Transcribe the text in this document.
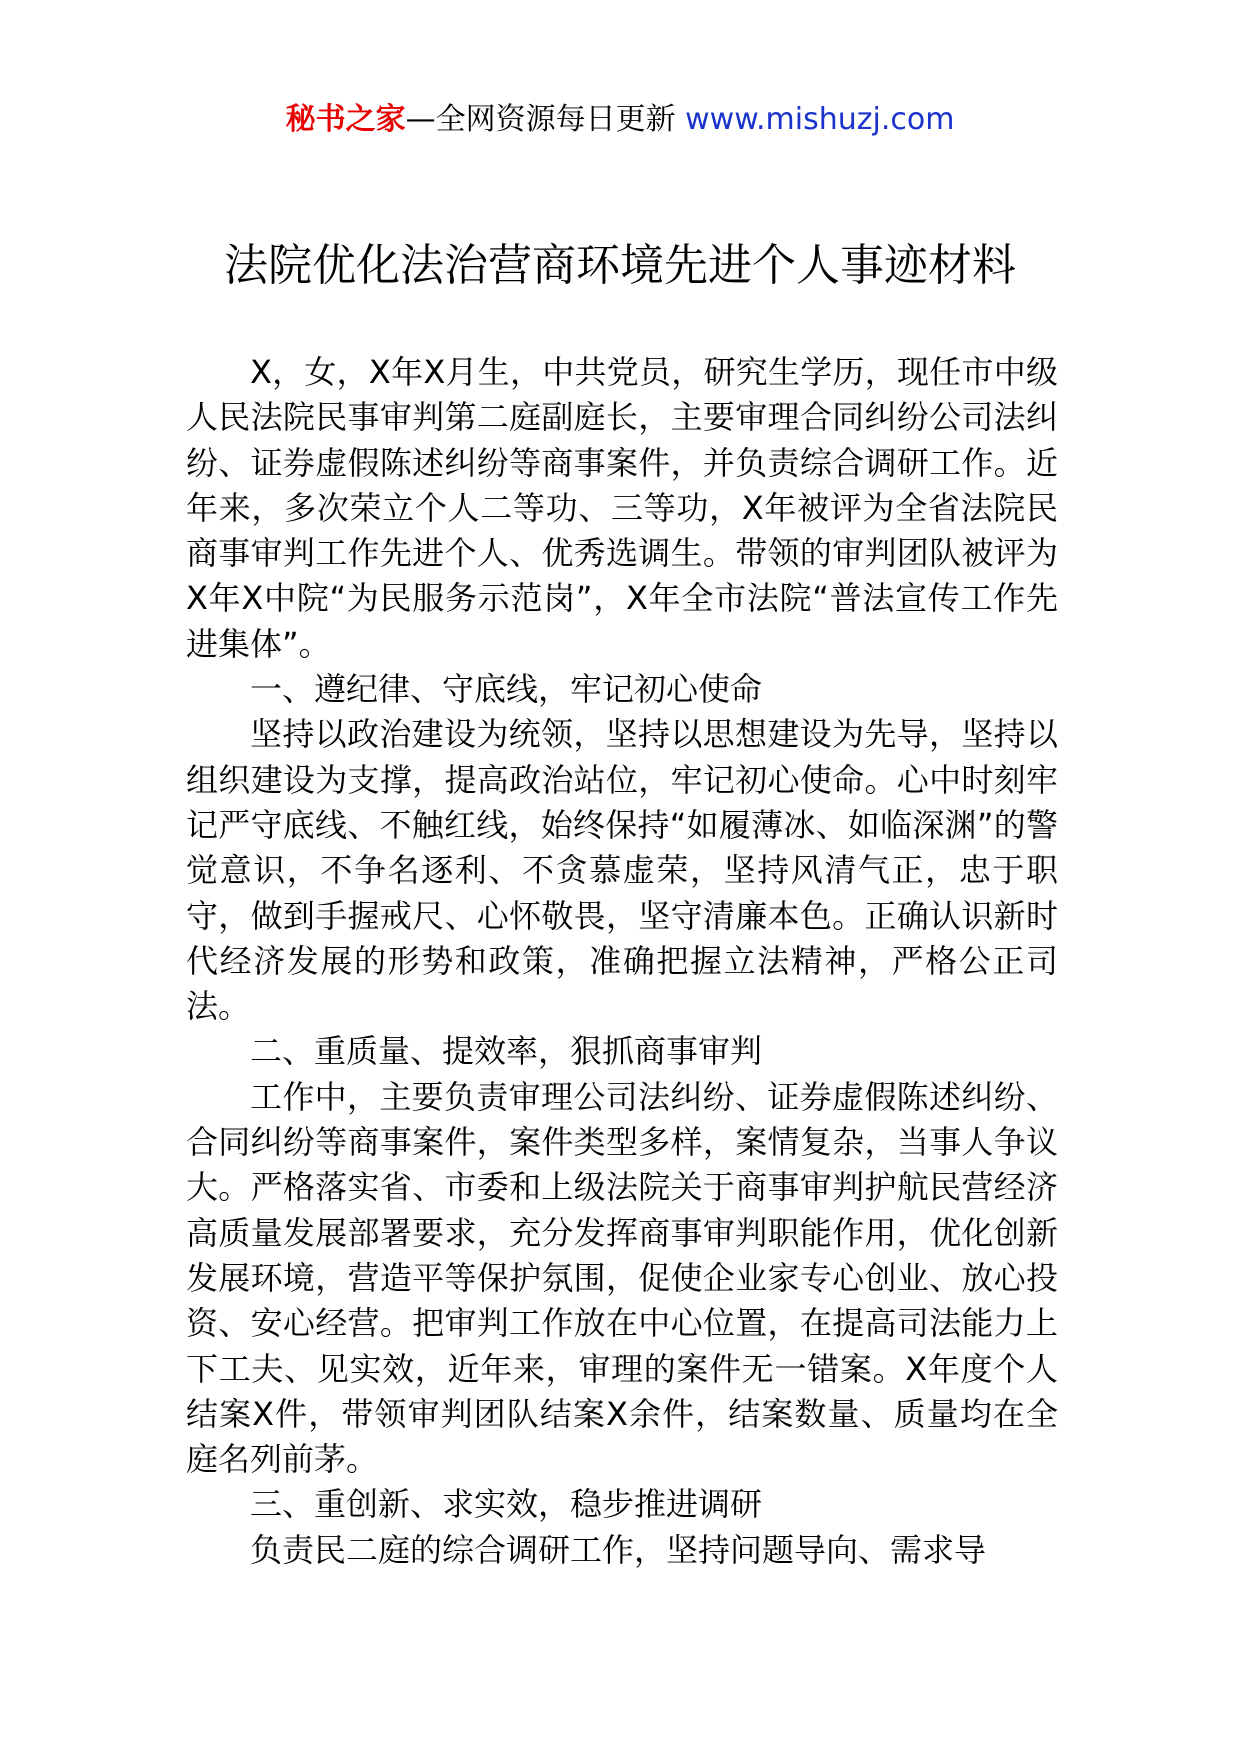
秘书之家—全网资源每日更新 www.mishuzj.com
法院优化法治营商环境先进个人事迹材料

X，女，X年X月生，中共党员，研究生学历，现任市中级人民法院民事审判第二庭副庭长，主要审理合同纠纷公司法纠纷、证券虚假陈述纠纷等商事案件，并负责综合调研工作。近年来，多次荣立个人二等功、三等功，X年被评为全省法院民商事审判工作先进个人、优秀选调生。带领的审判团队被评为X年X中院“为民服务示范岗”，X年全市法院“普法宣传工作先进集体”。

一、遵纪律、守底线，牢记初心使命

坚持以政治建设为统领，坚持以思想建设为先导，坚持以组织建设为支撑，提高政治站位，牢记初心使命。心中时刻牢记严守底线、不触红线，始终保持“如履薄冰、如临深渊”的警觉意识，不争名逐利、不贪慕虚荣，坚持风清气正，忠于职守，做到手握戒尺、心怀敬畏，坚守清廉本色。正确认识新时代经济发展的形势和政策，准确把握立法精神，严格公正司法。

二、重质量、提效率，狠抓商事审判

工作中，主要负责审理公司法纠纷、证券虚假陈述纠纷、合同纠纷等商事案件，案件类型多样，案情复杂，当事人争议大。严格落实省、市委和上级法院关于商事审判护航民营经济高质量发展部署要求，充分发挥商事审判职能作用，优化创新发展环境，营造平等保护氛围，促使企业家专心创业、放心投资、安心经营。把审判工作放在中心位置，在提高司法能力上下工夫、见实效，近年来，审理的案件无一错案。X年度个人结案X件，带领审判团队结案X余件，结案数量、质量均在全庭名列前茅。

三、重创新、求实效，稳步推进调研

负责民二庭的综合调研工作，坚持问题导向、需求导
